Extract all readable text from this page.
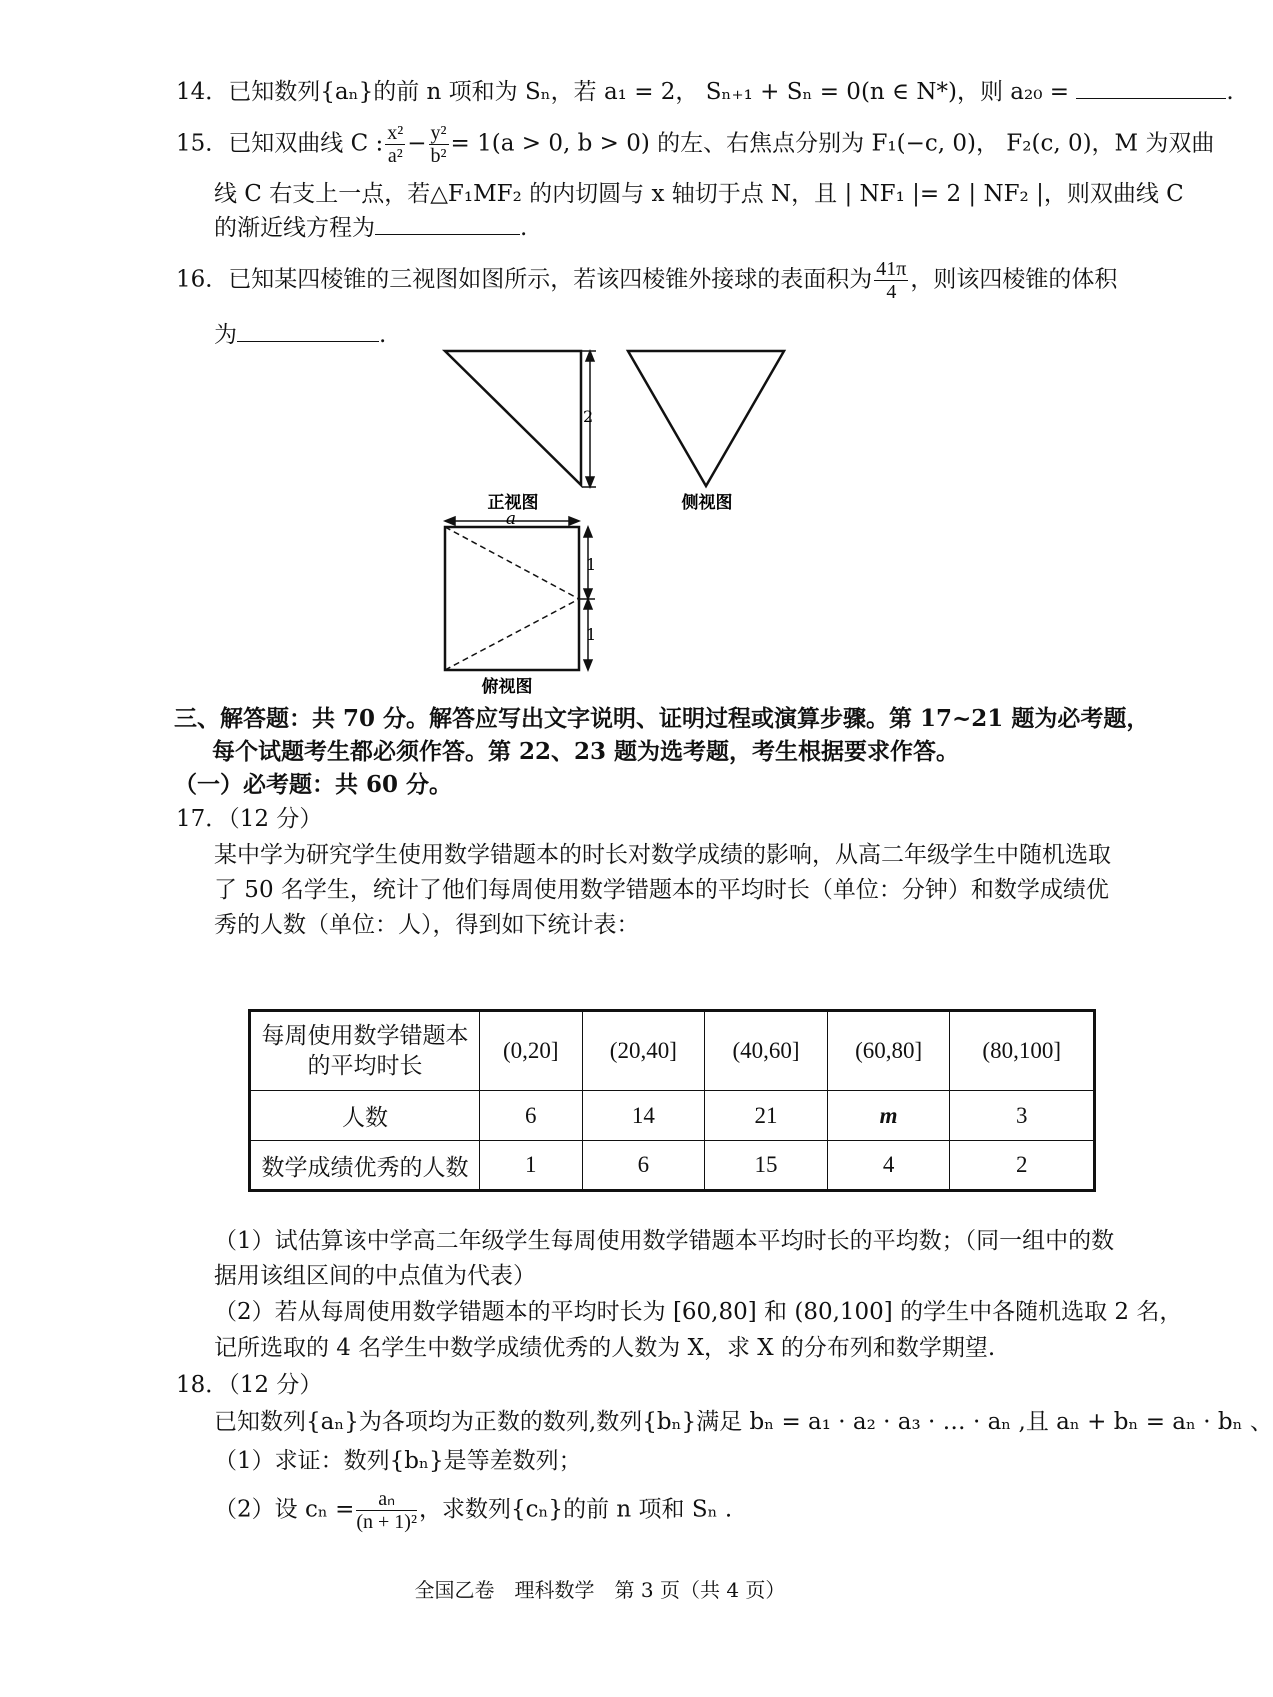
14．已知数列{aₙ}的前 n 项和为 Sₙ，若 a₁ = 2， Sₙ₊₁ + Sₙ = 0(n ∈ N*)，则 a₂₀ =	.
15．已知双曲线 C : $\frac{\text{x²}}{\text{a²}} - \frac{\text{y²}}{\text{b²}} = 1(a > 0$, b > 0) 的左、右焦点分别为 F₁(−c, 0)， F₂(c, 0)，M 为双曲
线 C 右支上一点，若△F₁MF₂ 的内切圆与 x 轴切于点 N，且 | NF₁ |= 2 | NF₂ |，则双曲线 C
的渐近线方程为	.
16．已知某四棱锥的三视图如图所示，若该四棱锥外接球的表面积为 $\frac{41\pi}{4}$ ，则该四棱锥的体积
为	.
2
正视图	侧视图
a
1
1
俯视图
三、解答题：共 70 分。解答应写出文字说明、证明过程或演算步骤。第 17~21 题为必考题，
每个试题考生都必须作答。第 22、23 题为选考题，考生根据要求作答。
（一）必考题：共 60 分。
17．（12 分）
某中学为研究学生使用数学错题本的时长对数学成绩的影响，从高二年级学生中随机选取
了 50 名学生，统计了他们每周使用数学错题本的平均时长（单位：分钟）和数学成绩优
秀的人数（单位：人），得到如下统计表：
每周使用数学错题本
的平均时长	(0,20]	(20,40]	(40,60]	(60,80]	(80,100]
人数	6	14	21	m	3
数学成绩优秀的人数	1	6	15	4	2
（1）试估算该中学高二年级学生每周使用数学错题本平均时长的平均数；（同一组中的数
据用该组区间的中点值为代表）
（2）若从每周使用数学错题本的平均时长为 [60,80] 和 (80,100] 的学生中各随机选取 2 名，
记所选取的 4 名学生中数学成绩优秀的人数为 X，求 X 的分布列和数学期望.
18．（12 分）
已知数列{aₙ}为各项均为正数的数列,数列{bₙ}满足 bₙ = a₁ · a₂ · a₃ · … · aₙ ,且 aₙ + bₙ = aₙ · bₙ 、
（1）求证：数列{bₙ}是等差数列；
（2）设 $c_n = \frac{\text{aₙ}}{\text{(n + 1)²}}$ ，求数列{cₙ}的前 n 项和 Sₙ .
全国乙卷　理科数学　第 3 页（共 4 页）
